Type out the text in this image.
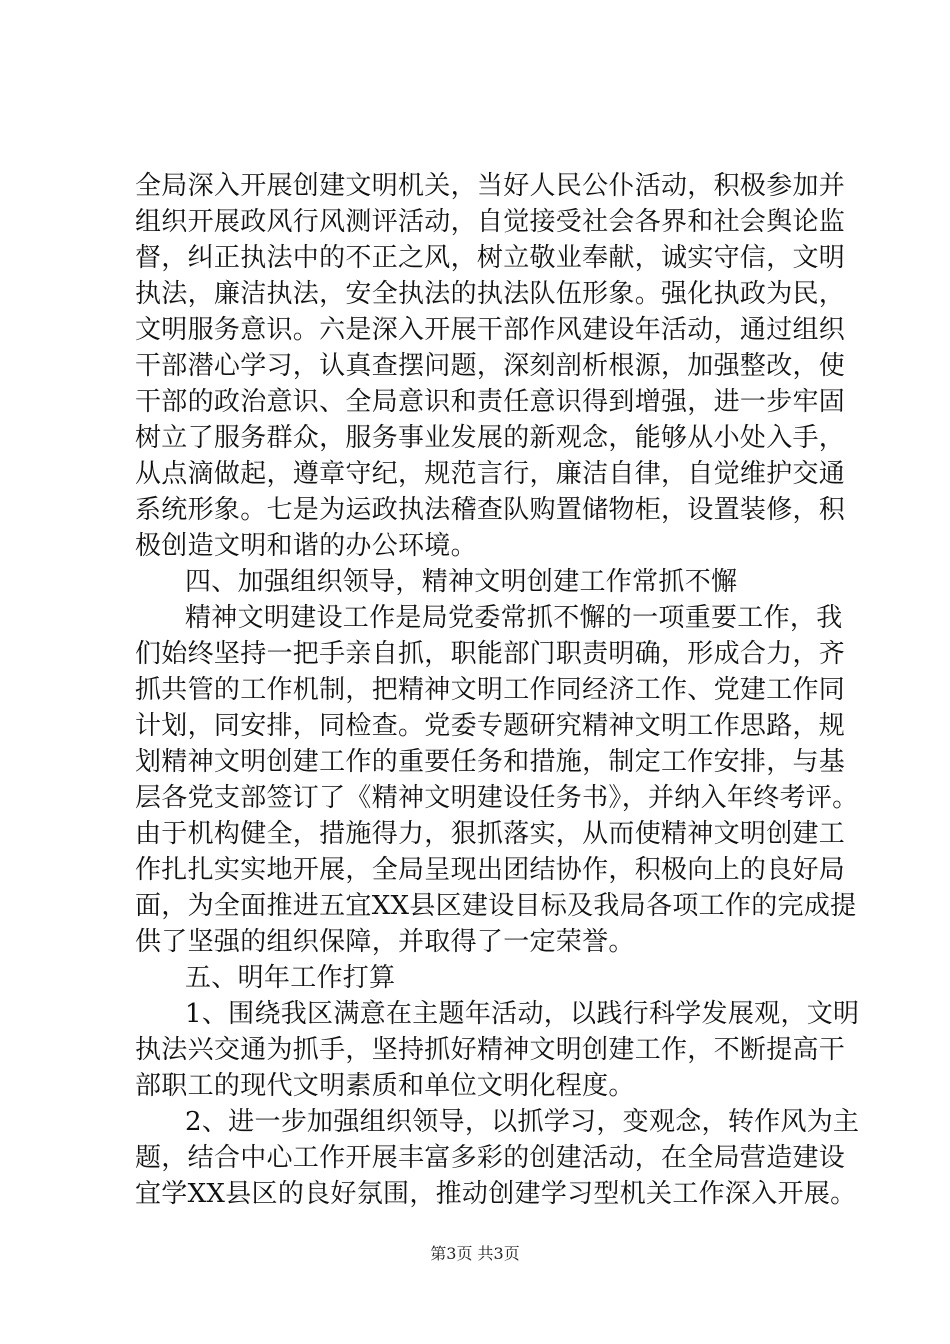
全局深入开展创建文明机关，当好人民公仆活动，积极参加并
组织开展政风行风测评活动，自觉接受社会各界和社会舆论监
督，纠正执法中的不正之风，树立敬业奉献，诚实守信，文明
执法，廉洁执法，安全执法的执法队伍形象。强化执政为民，
文明服务意识。六是深入开展干部作风建设年活动，通过组织
干部潜心学习，认真查摆问题，深刻剖析根源，加强整改，使
干部的政治意识、全局意识和责任意识得到增强，进一步牢固
树立了服务群众，服务事业发展的新观念，能够从小处入手，
从点滴做起，遵章守纪，规范言行，廉洁自律，自觉维护交通
系统形象。七是为运政执法稽查队购置储物柜，设置装修，积
极创造文明和谐的办公环境。
四、加强组织领导，精神文明创建工作常抓不懈
精神文明建设工作是局党委常抓不懈的一项重要工作，我
们始终坚持一把手亲自抓，职能部门职责明确，形成合力，齐
抓共管的工作机制，把精神文明工作同经济工作、党建工作同
计划，同安排，同检查。党委专题研究精神文明工作思路，规
划精神文明创建工作的重要任务和措施，制定工作安排，与基
层各党支部签订了《精神文明建设任务书》，并纳入年终考评。
由于机构健全，措施得力，狠抓落实，从而使精神文明创建工
作扎扎实实地开展，全局呈现出团结协作，积极向上的良好局
面，为全面推进五宜XX县区建设目标及我局各项工作的完成提
供了坚强的组织保障，并取得了一定荣誉。
五、明年工作打算
1、围绕我区满意在主题年活动，以践行科学发展观，文明
执法兴交通为抓手，坚持抓好精神文明创建工作，不断提高干
部职工的现代文明素质和单位文明化程度。
2、进一步加强组织领导，以抓学习，变观念，转作风为主
题，结合中心工作开展丰富多彩的创建活动，在全局营造建设
宜学XX县区的良好氛围，推动创建学习型机关工作深入开展。
第3页 共3页
